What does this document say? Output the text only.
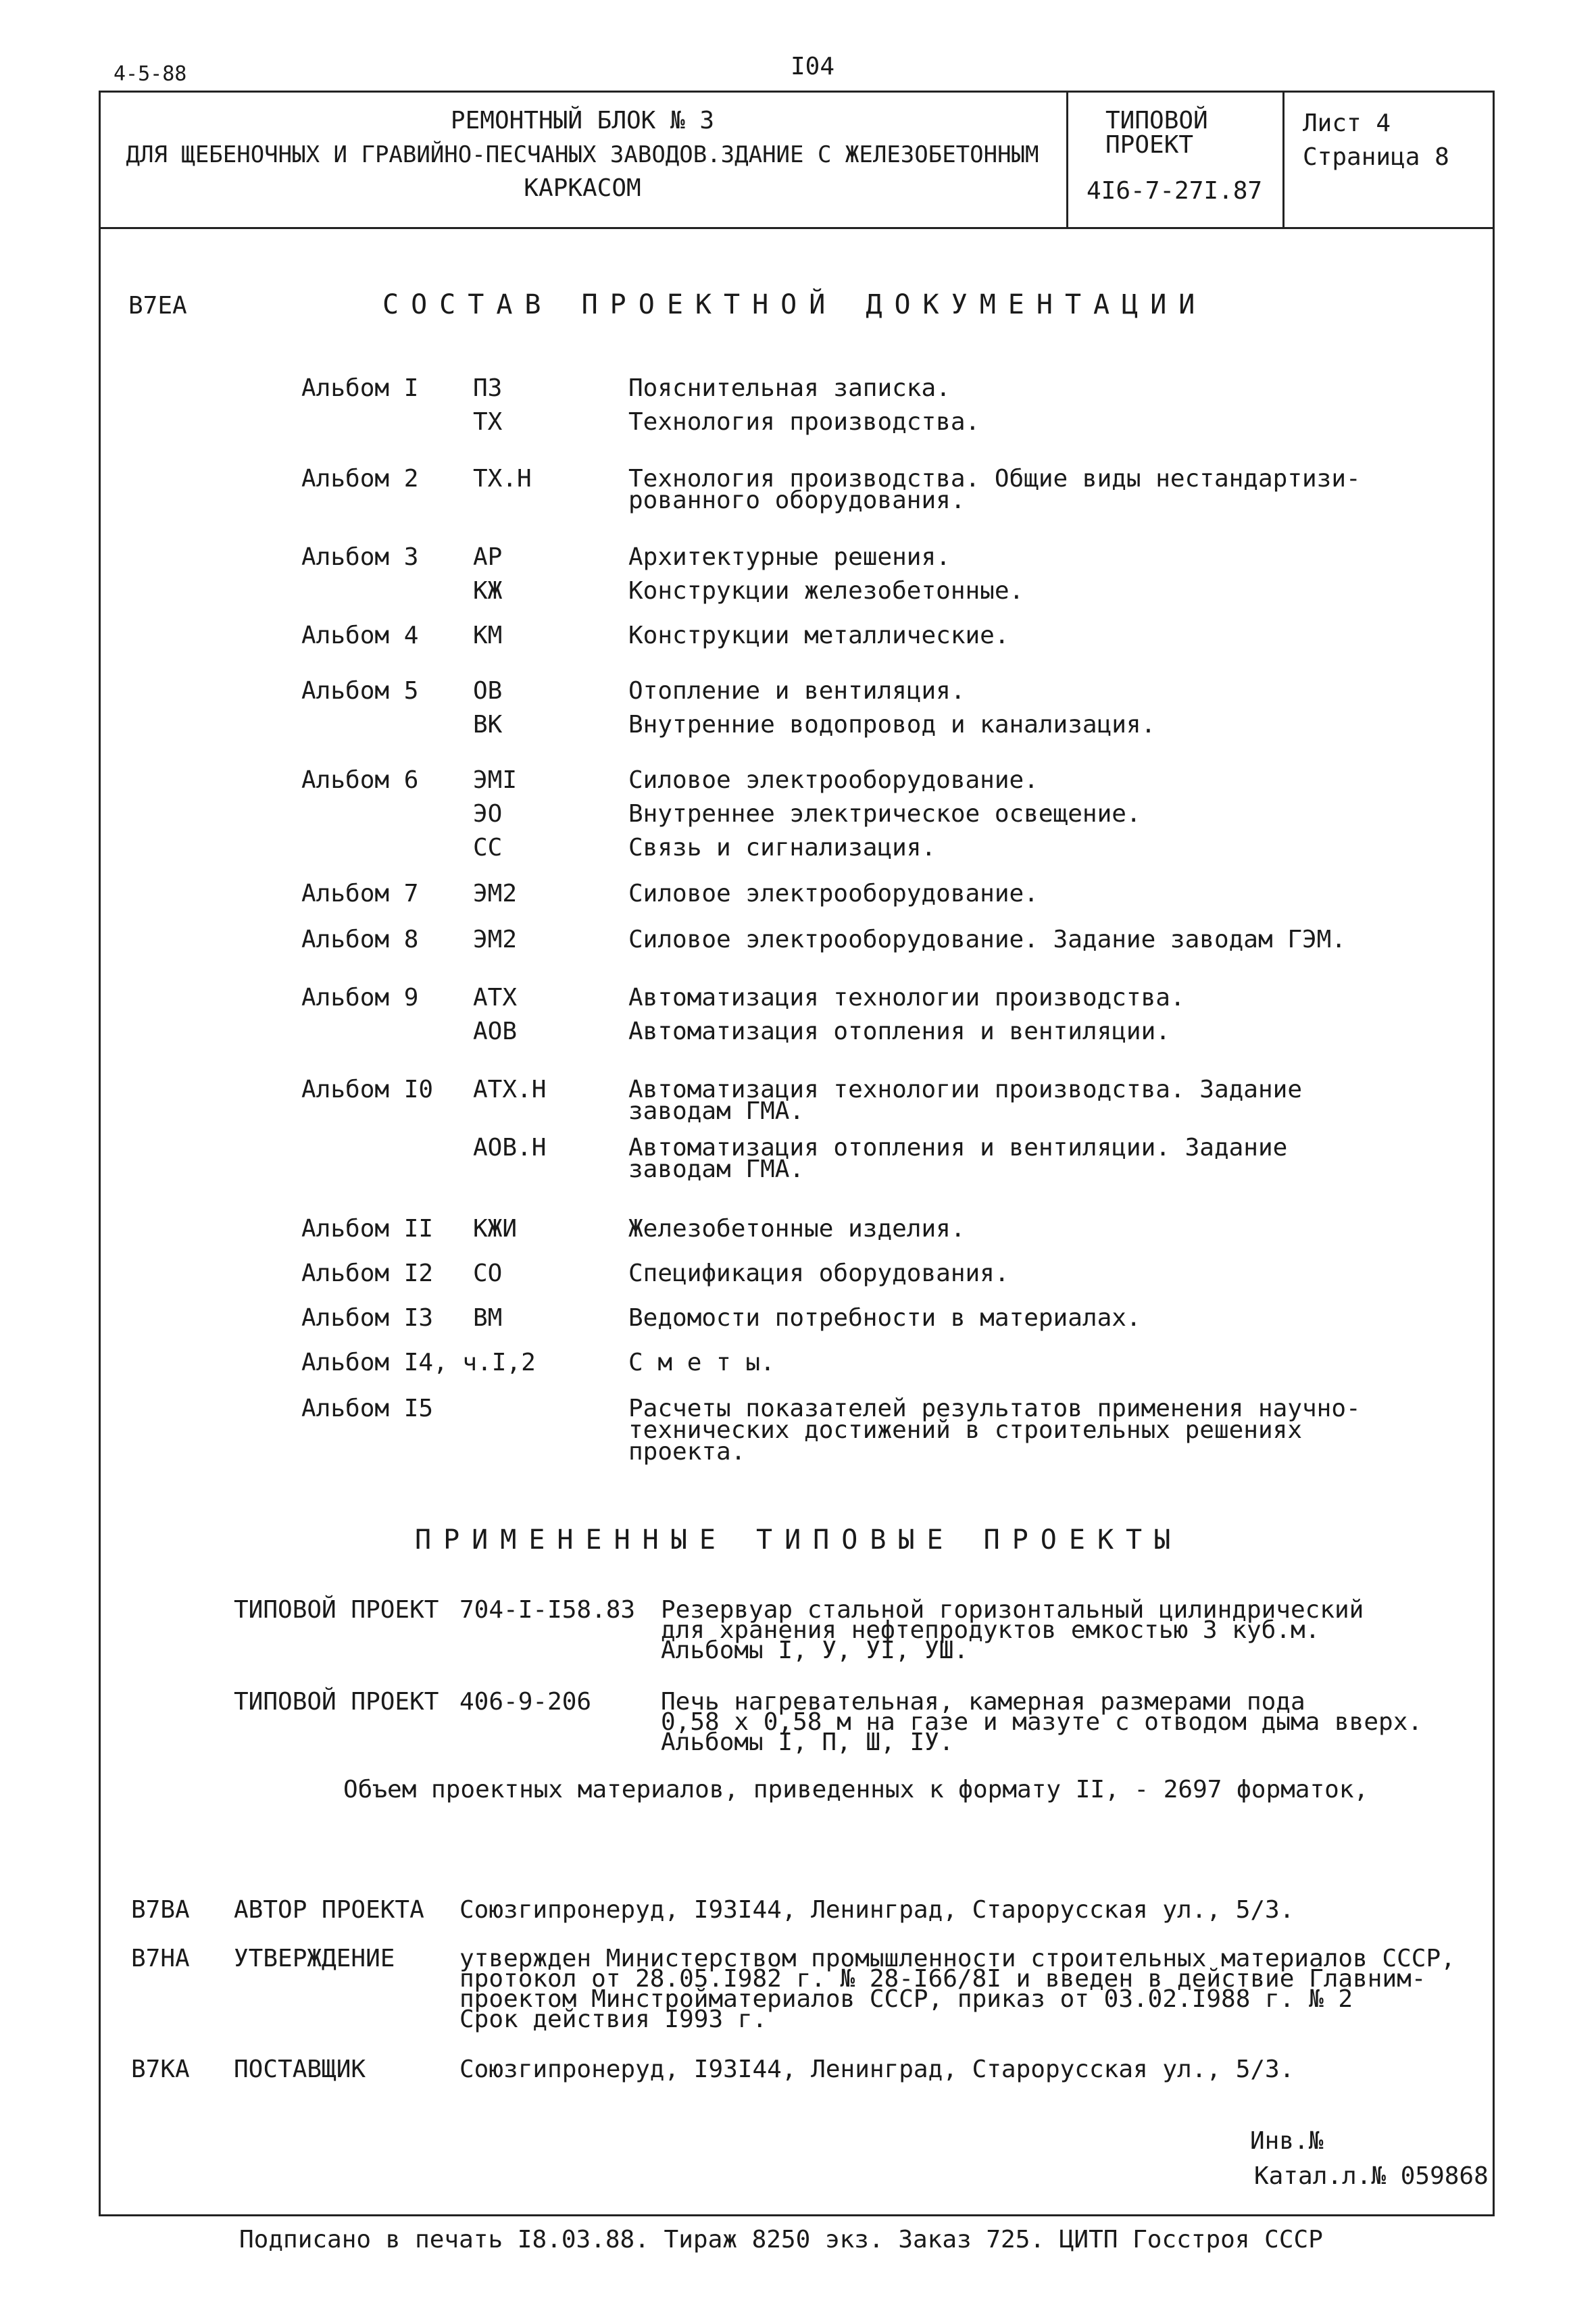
4-5-88	I04
РЕМОНТНЫЙ БЛОК № 3
ДЛЯ ЩЕБЕНОЧНЫХ И ГРАВИЙНО-ПЕСЧАНЫХ ЗАВОДОВ.ЗДАНИЕ С ЖЕЛЕЗОБЕТОННЫМ
КАРКАСОМ
ТИПОВОЙ
ПРОЕКТ
4I6-7-27I.87
Лист 4
Страница 8
В7ЕА	СОСТАВ ПРОЕКТНОЙ ДОКУМЕНТАЦИИ
Альбом I ПЗ	Пояснительная записка.
ТХ	Технология производства.
Альбом 2 ТХ.Н	Технология производства. Общие виды нестандартизи-
рованного оборудования.
Альбом 3 АР	Архитектурные решения.
КЖ	Конструкции железобетонные.
Альбом 4 КМ	Конструкции металлические.
Альбом 5 ОВ	Отопление и вентиляция.
ВК	Внутренние водопровод и канализация.
Альбом 6 ЭМI	Силовое электрооборудование.
ЭО	Внутреннее электрическое освещение.
СС	Связь и сигнализация.
Альбом 7 ЭМ2	Силовое электрооборудование.
Альбом 8 ЭМ2	Силовое электрооборудование. Задание заводам ГЭМ.
Альбом 9 АТХ	Автоматизация технологии производства.
АОВ	Автоматизация отопления и вентиляции.
Альбом I0 АТХ.Н	Автоматизация технологии производства. Задание
заводам ГМА.
АОВ.Н	Автоматизация отопления и вентиляции. Задание
заводам ГМА.
Альбом II КЖИ	Железобетонные изделия.
Альбом I2 СО	Спецификация оборудования.
Альбом I3 ВМ	Ведомости потребности в материалах.
Альбом I4, ч.I,2	С м е т ы.
Альбом I5	Расчеты показателей результатов применения научно-
технических достижений в строительных решениях
проекта.
ПРИМЕНЕННЫЕ ТИПОВЫЕ ПРОЕКТЫ
ТИПОВОЙ ПРОЕКТ 704-I-I58.83 Резервуар стальной горизонтальный цилиндрический
для хранения нефтепродуктов емкостью 3 куб.м.
Альбомы I, У, УI, УШ.
ТИПОВОЙ ПРОЕКТ 406-9-206	Печь нагревательная, камерная размерами пода
0,58 х 0,58 м на газе и мазуте с отводом дыма вверх.
Альбомы I, П, Ш, IУ.
Объем проектных материалов, приведенных к формату II, - 2697 форматок,
В7ВА АВТОР ПРОЕКТА Союзгипронеруд, I93I44, Ленинград, Старорусская ул., 5/3.
В7НА УТВЕРЖДЕНИЕ	утвержден Министерством промышленности строительных материалов СССР,
протокол от 28.05.I982 г. № 28-I66/8I и введен в действие Главним-
проектом Минстройматериалов СССР, приказ от 03.02.I988 г. № 2
Срок действия I993 г.
В7КА ПОСТАВЩИК	Союзгипронеруд, I93I44, Ленинград, Старорусская ул., 5/3.
Инв.№
Катал.л.№ 059868
Подписано в печать I8.03.88. Тираж 8250 экз. Заказ 725. ЦИТП Госстроя СССР
